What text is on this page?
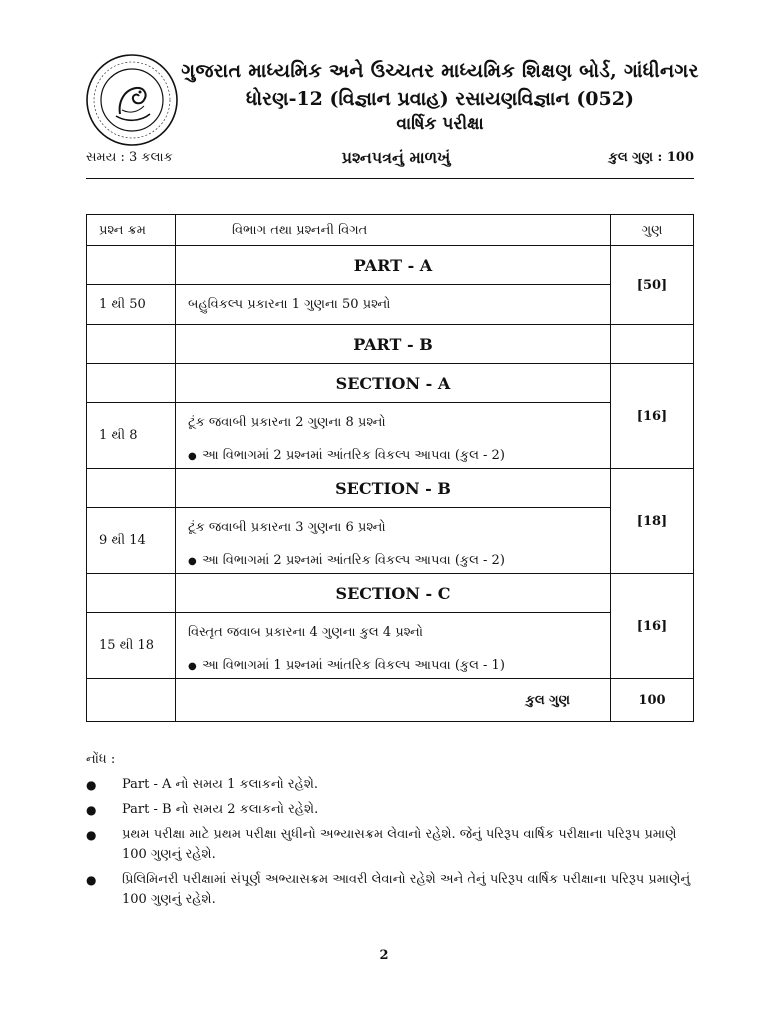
ગુજરાત માધ્યમિક અને ઉચ્ચતર માધ્યમિક શિક્ષણ બોર્ડ, ગાંધીનગર
ધોરણ-12 (વિજ્ઞાન પ્રવાહ) રસાયણવિજ્ઞાન (052)
વાર્ષિક પરીક્ષા
સમય : 3 કલાક	પ્રશ્નપત્રનું માળખું	કુલ ગુણ : 100
પ્રશ્ન ક્રમ	વિભાગ તથા પ્રશ્નની વિગત	ગુણ
	PART - A	[50]
1 થી 50	બહુવિકલ્પ પ્રકારના 1 ગુણના 50 પ્રશ્નો	
	PART - B	
	SECTION - A	[16]
1 થી 8	ટૂંક જવાબી પ્રકારના 2 ગુણના 8 પ્રશ્નો	
● આ વિભાગમાં 2 પ્રશ્નમાં આંતરિક વિકલ્પ આપવા (કુલ - 2)
	SECTION - B	[18]
9 થી 14	ટૂંક જવાબી પ્રકારના 3 ગુણના 6 પ્રશ્નો	
● આ વિભાગમાં 2 પ્રશ્નમાં આંતરિક વિકલ્પ આપવા (કુલ - 2)
	SECTION - C	[16]
15 થી 18	વિસ્તૃત જવાબ પ્રકારના 4 ગુણના કુલ 4 પ્રશ્નો	
● આ વિભાગમાં 1 પ્રશ્નમાં આંતરિક વિકલ્પ આપવા (કુલ - 1)
	કુલ ગુણ	100
નોંધ :
●	Part - A નો સમય 1 કલાકનો રહેશે.
●	Part - B નો સમય 2 કલાકનો રહેશે.
●	પ્રથમ પરીક્ષા માટે પ્રથમ પરીક્ષા સુધીનો અભ્યાસક્રમ લેવાનો રહેશે. જેનું પરિરૂપ વાર્ષિક પરીક્ષાના પરિરૂપ પ્રમાણે 100 ગુણનું રહેશે.
●	પ્રિલિમિનરી પરીક્ષામાં સંપૂર્ણ અભ્યાસક્રમ આવરી લેવાનો રહેશે અને તેનું પરિરૂપ વાર્ષિક પરીક્ષાના પરિરૂપ પ્રમાણેનું 100 ગુણનું રહેશે.
2
